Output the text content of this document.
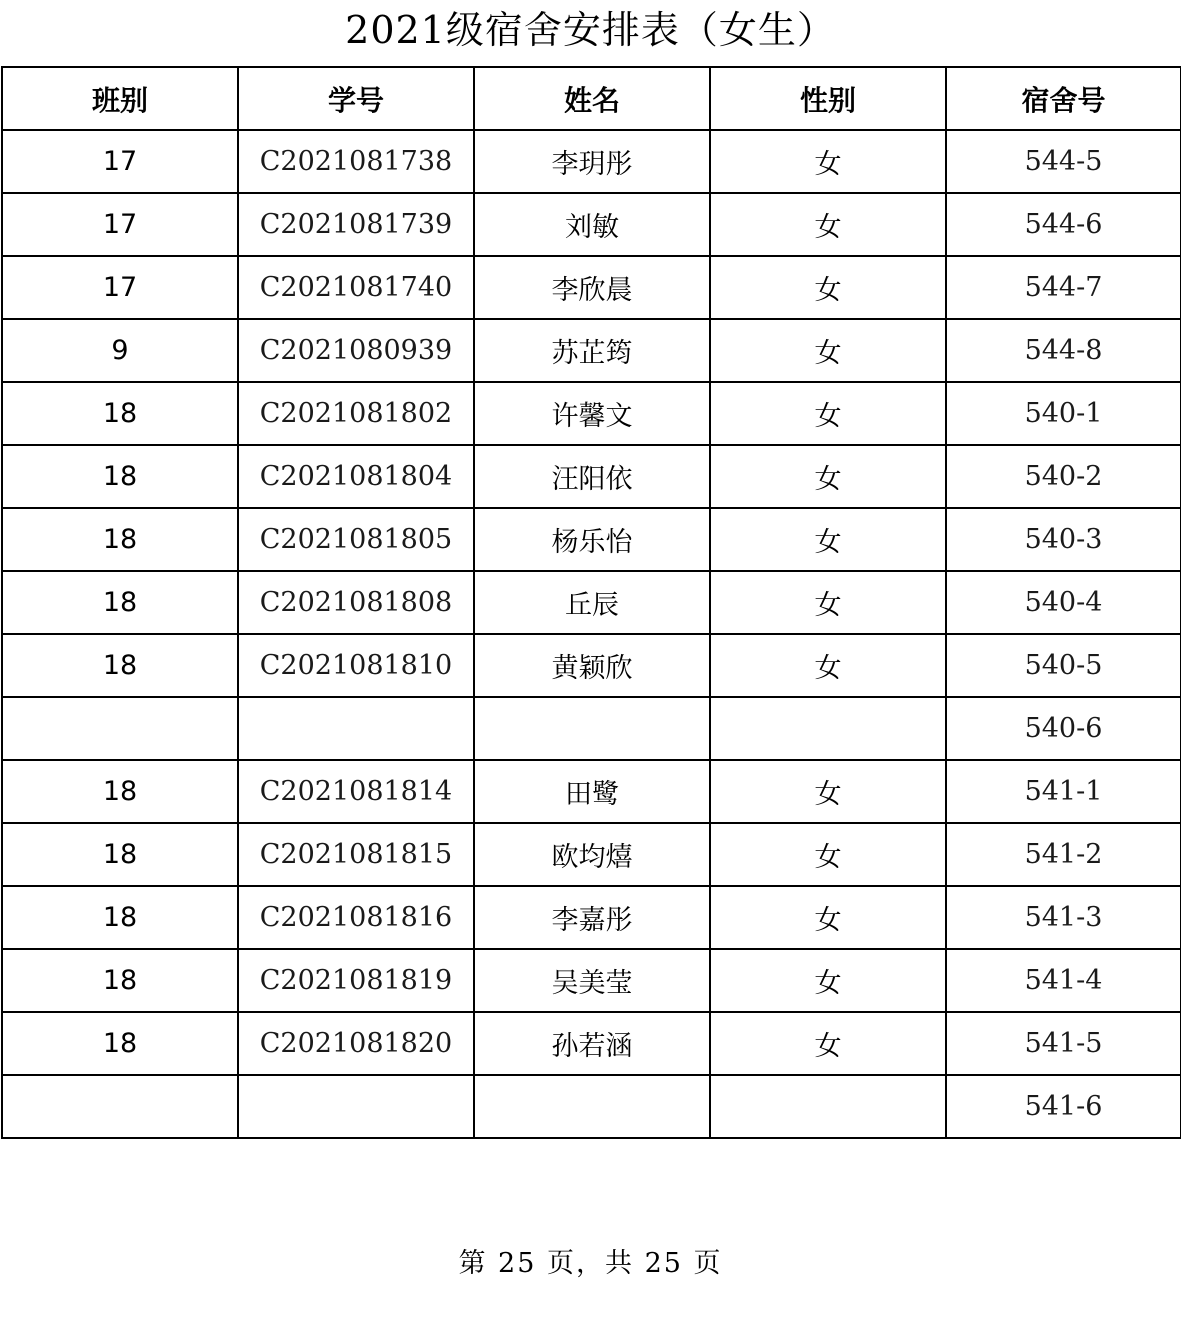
2021级宿舍安排表（女生）
班别	学号	姓名	性别	宿舍号
17	C2021081738	李玥彤	女	544-5
17	C2021081739	刘敏	女	544-6
17	C2021081740	李欣晨	女	544-7
9	C2021080939	苏芷筠	女	544-8
18	C2021081802	许馨文	女	540-1
18	C2021081804	汪阳依	女	540-2
18	C2021081805	杨乐怡	女	540-3
18	C2021081808	丘辰	女	540-4
18	C2021081810	黄颖欣	女	540-5
				540-6
18	C2021081814	田鹭	女	541-1
18	C2021081815	欧均熺	女	541-2
18	C2021081816	李嘉彤	女	541-3
18	C2021081819	吴美莹	女	541-4
18	C2021081820	孙若涵	女	541-5
				541-6
第 25 页，共 25 页
